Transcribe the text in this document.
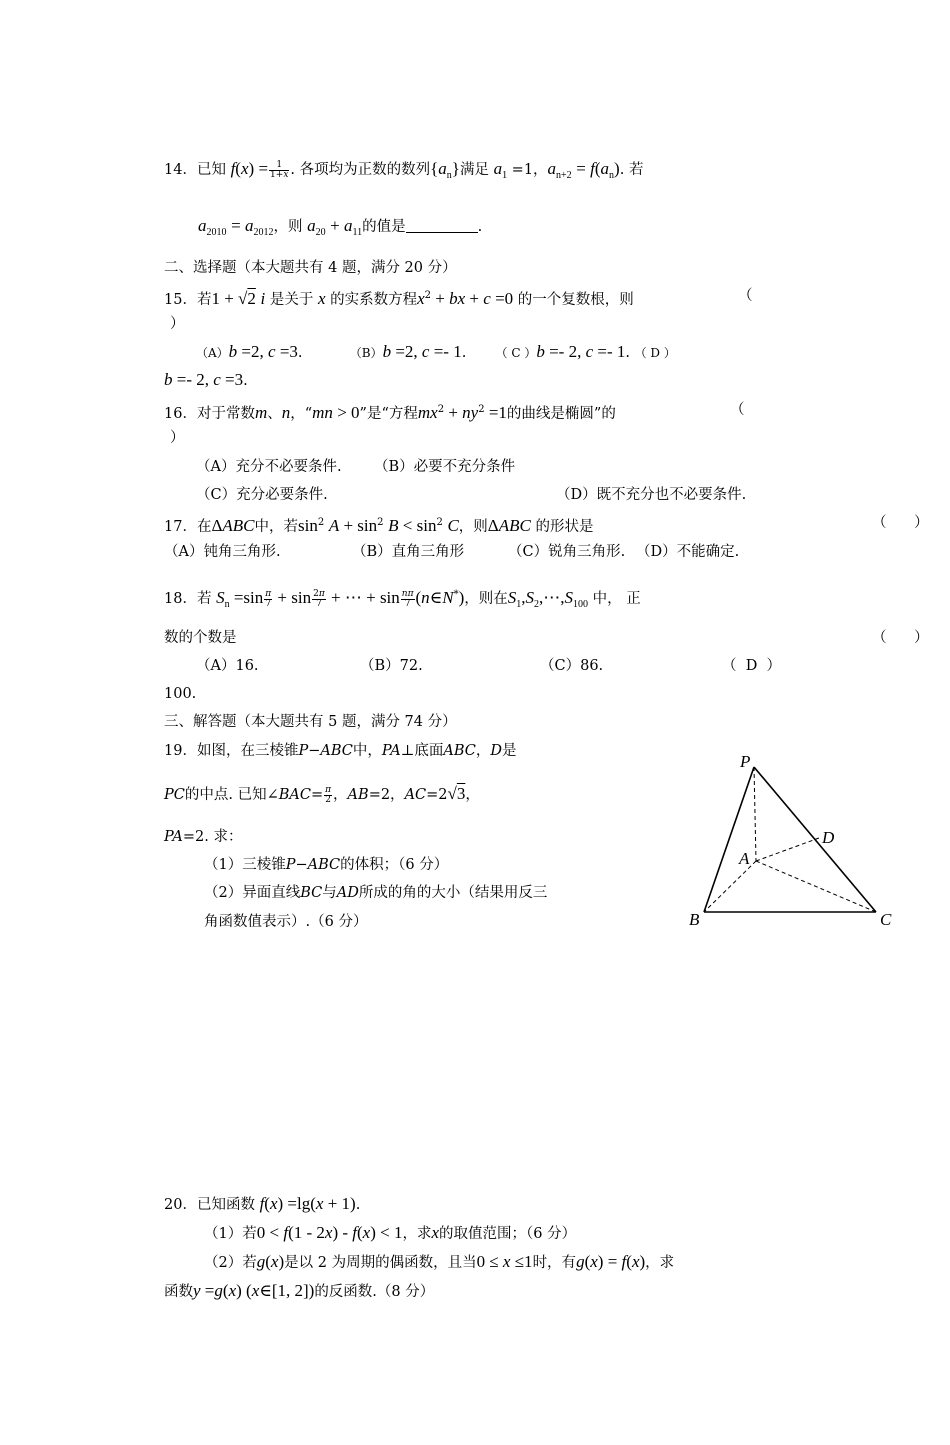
14．已知 $f(x) = \frac{1}{1+x}$ . 各项均为正数的数列$\{a_n\}$满足 $a_1 =1$，$a_{n+2} = f(a_n)$. 若
$a_{2010} = a_{2012}$，则 $a_{20} + a_{11}$的值是	.
二、选择题（本大题共有 4 题，满分 20 分）
15．若1 + √2 i 是关于 x 的实系数方程$x^2$ + bx + c =0 的一个复数根，则	（
）
（A）b =2, c =3.	（B）b =2, c =- 1. （ C ）b =- 2, c =- 1. （ D ）
b =- 2, c =3.
16．对于常数m、n，“mn > 0”是“方程$mx^2 + ny^2 =1$的曲线是椭圆”的	（
）
（A）充分不必要条件. （B）必要不充分条件
（C）充分必要条件.	（D）既不充分也不必要条件.
17．在ΔABC中，若$\sin^2 A + \sin^2 B < \sin^2 C$，则ΔABC 的形状是	（      ）
（A）钝角三角形.	（B）直角三角形	（C）锐角三角形. （D）不能确定.
18．若 $S_n =\sin \frac{\pi}{7} + \sin \frac{2\pi}{7}$ + ⋯ + $\sin \frac{n\pi}{7}$ (n∈N*)，则在$S_1,S_2,\cdots,S_{100}$ 中， 正
数的个数是	（      ）
（A）16.	（B）72.	（C）86.	（  D  ）
100.
三、解答题（本大题共有 5 题，满分 74 分）
19．如图，在三棱锥P−ABC中，PA⊥底面ABC，D是
PC的中点. 已知∠BAC= $\frac{\pi}{2}$ ，AB=2，AC=2√3，
PA=2. 求：
（1）三棱锥P−ABC的体积；（6 分）
（2）异面直线BC与AD所成的角的大小（结果用反三
角函数值表示）.（6 分）
P
A
B	C
D
20．已知函数 f(x) =lg(x + 1).
（1）若0 < f(1 - 2x) - f(x) < 1，求x的取值范围；（6 分）
（2）若g(x)是以 2 为周期的偶函数，且当0 ≤ x ≤1时，有g(x) = f(x)，求
函数y =g(x) (x∈[1, 2])的反函数.（8 分）
